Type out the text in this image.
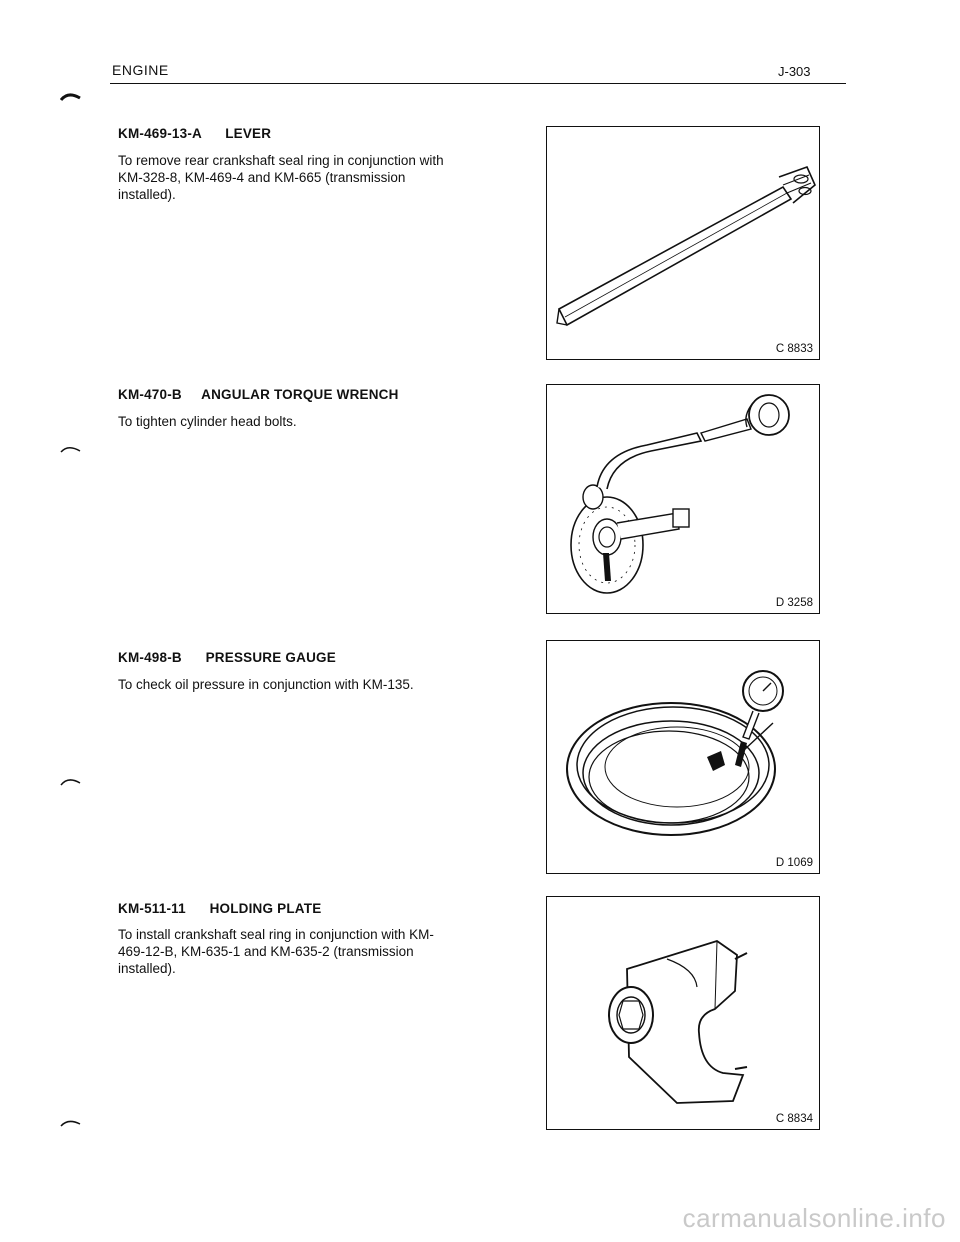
ENGINE	J-303
KM-469-13-A LEVER
To remove rear crankshaft seal ring in conjunction with KM-328-8, KM-469-4 and KM-665 (transmission installed).
C 8833
KM-470-B ANGULAR TORQUE WRENCH
To tighten cylinder head bolts.
D 3258
KM-498-B PRESSURE GAUGE
To check oil pressure in conjunction with KM-135.
D 1069
KM-511-11 HOLDING PLATE
To install crankshaft seal ring in conjunction with KM-469-12-B, KM-635-1 and KM-635-2 (transmission installed).
C 8834
carmanualsonline.info
